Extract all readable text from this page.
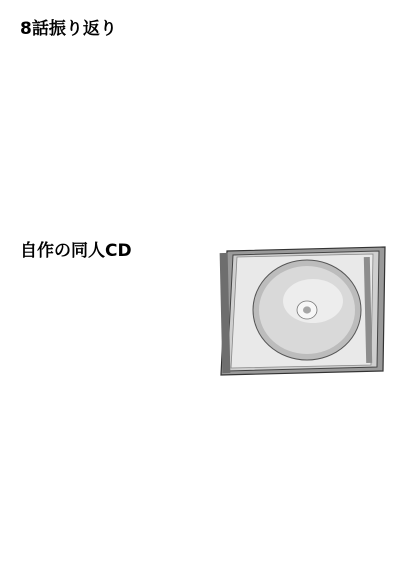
8話振り返り

自作の同人CD
